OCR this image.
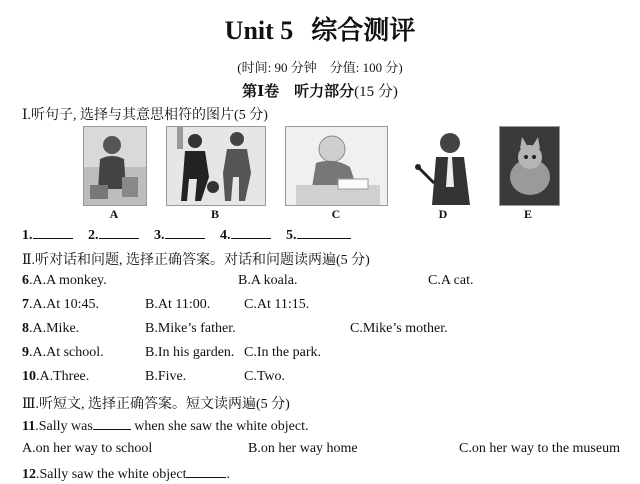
Unit 5 综合测评
(时间: 90 分钟　分值: 100 分)
第Ⅰ卷　听力部分(15 分)
Ⅰ.听句子, 选择与其意思相符的图片(5 分)
A	B	C	D	E
1.	2.	3.	4.	5.
Ⅱ.听对话和问题, 选择正确答案。对话和问题读两遍(5 分)
6.A.A monkey.	B.A koala.	C.A cat.
7.A.At 10:45.	B.At 11:00. C.At 11:15.
8.A.Mike.	B.Mike’s father.	C.Mike’s mother.
9.A.At school.	B.In his garden. C.In the park.
10.A.Three.	B.Five.	C.Two.
Ⅲ.听短文, 选择正确答案。短文读两遍(5 分)
11.Sally was	when she saw the white object.
A.on her way to school	B.on her way home	C.on her way to the museum
12.Sally saw the white object	.
